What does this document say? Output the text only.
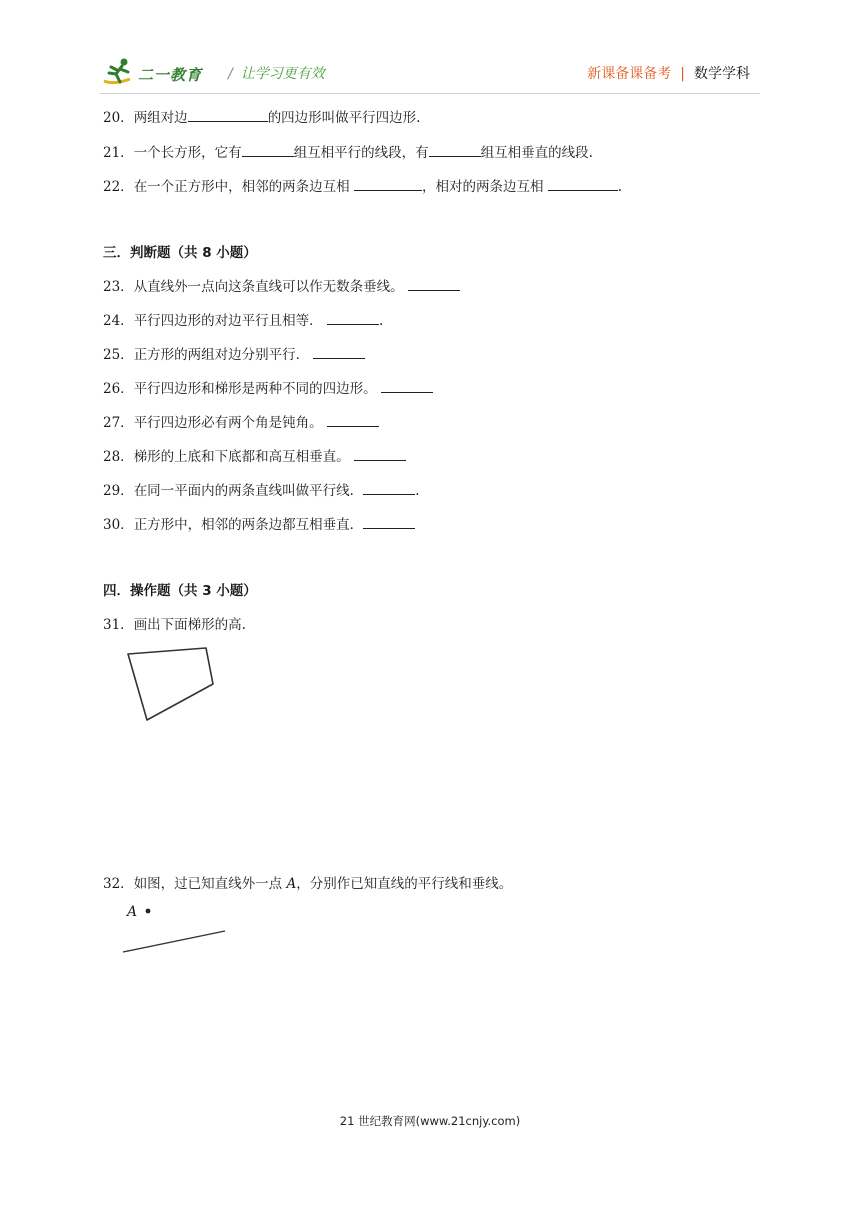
二一教育 / 让学习更有效	新课备课备考 | 数学学科
20．两组对边	的四边形叫做平行四边形.
21．一个长方形，它有	组互相平行的线段，有	组互相垂直的线段.
22．在一个正方形中，相邻的两条边互相	，相对的两条边互相	.
三．判断题（共 8 小题）
23．从直线外一点向这条直线可以作无数条垂线。
24．平行四边形的对边平行且相等．	.
25．正方形的两组对边分别平行．
26．平行四边形和梯形是两种不同的四边形。
27．平行四边形必有两个角是钝角。
28．梯形的上底和下底都和高互相垂直。
29．在同一平面内的两条直线叫做平行线．	.
30．正方形中，相邻的两条边都互相垂直．
四．操作题（共 3 小题）
31．画出下面梯形的高.
32．如图，过已知直线外一点 A，分别作已知直线的平行线和垂线。
A
21 世纪教育网(www.21cnjy.com)
